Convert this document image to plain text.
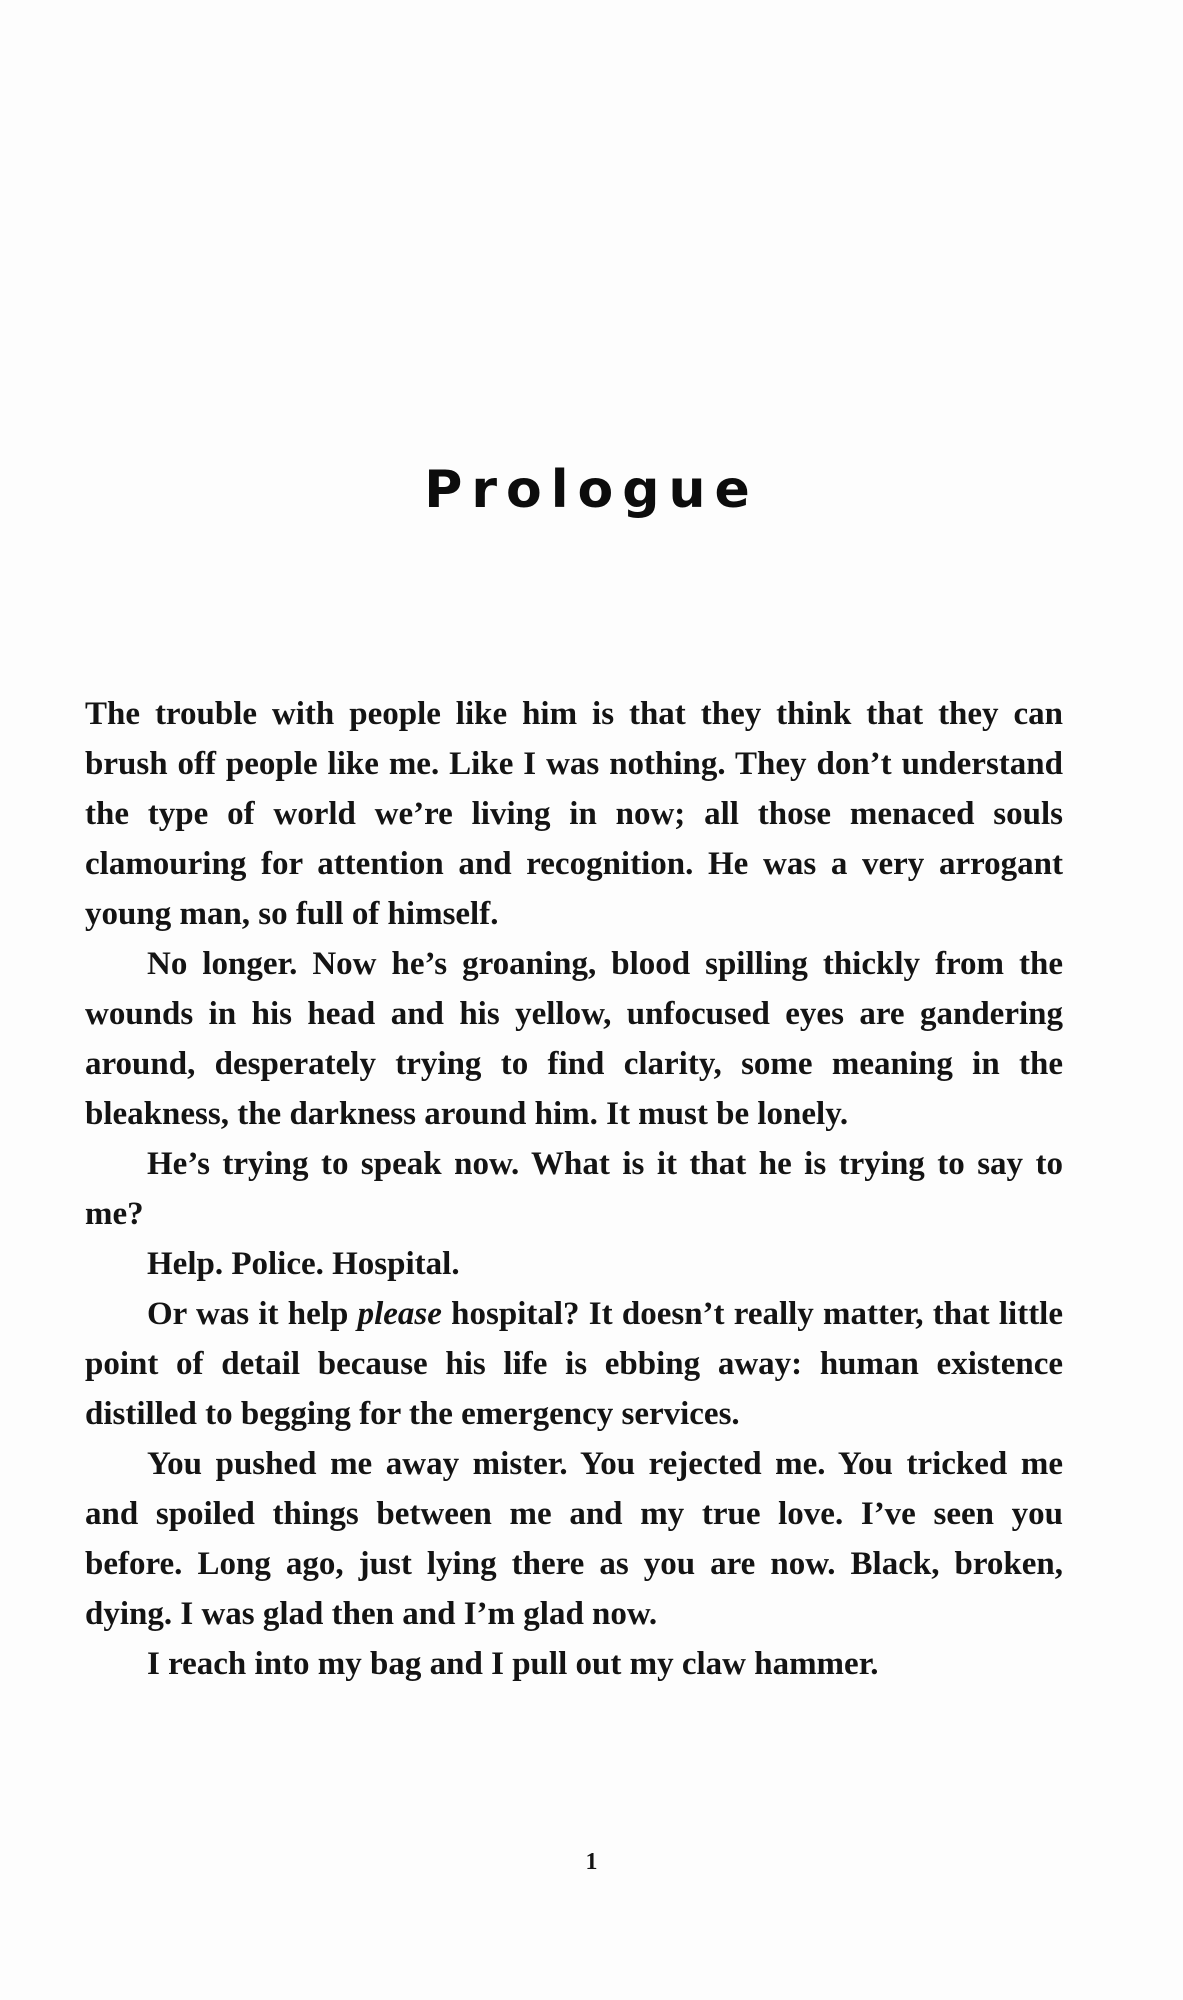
Prologue

The trouble with people like him is that they think that they can brush off people like me. Like I was nothing. They don’t understand the type of world we’re living in now; all those menaced souls clamouring for attention and recognition. He was a very arrogant young man, so full of himself.

No longer. Now he’s groaning, blood spilling thickly from the wounds in his head and his yellow, unfocused eyes are gandering around, desperately trying to find clarity, some meaning in the bleakness, the darkness around him. It must be lonely.

He’s trying to speak now. What is it that he is trying to say to me?

Help. Police. Hospital.

Or was it help please hospital? It doesn’t really matter, that little point of detail because his life is ebbing away: human existence distilled to begging for the emergency services.

You pushed me away mister. You rejected me. You tricked me and spoiled things between me and my true love. I’ve seen you before. Long ago, just lying there as you are now. Black, broken, dying. I was glad then and I’m glad now.

I reach into my bag and I pull out my claw hammer.

1
